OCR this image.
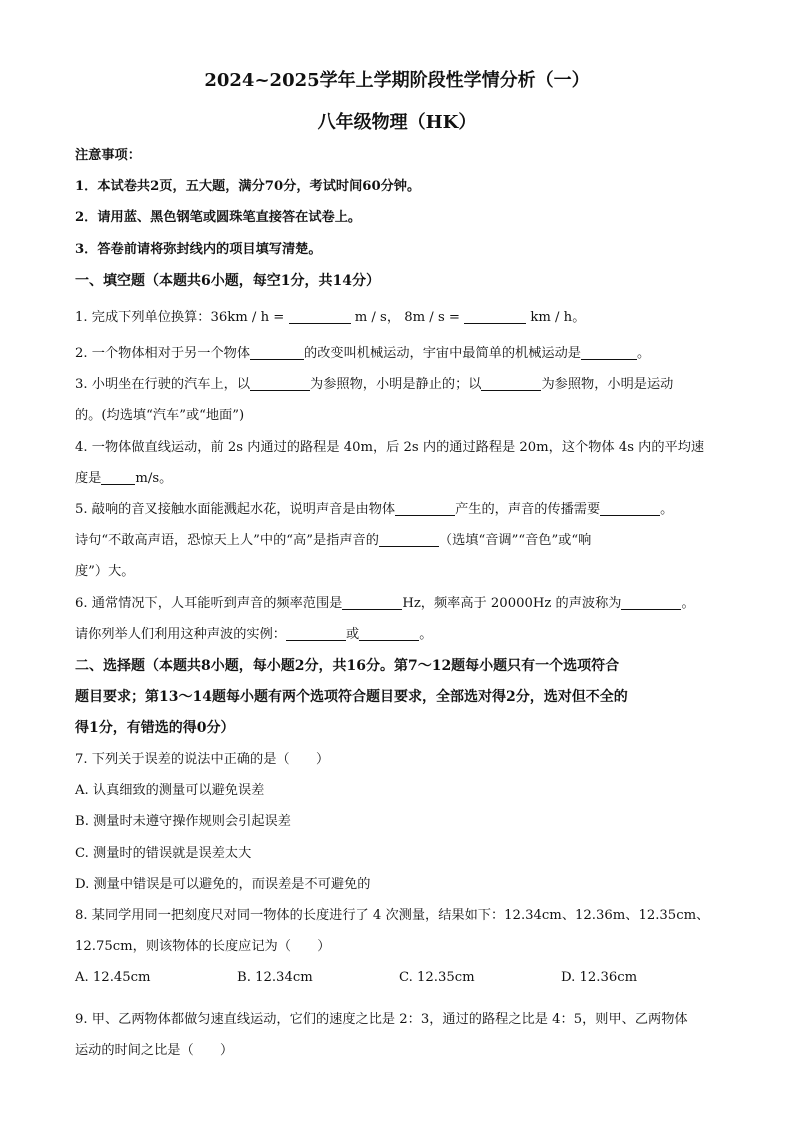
2024~2025学年上学期阶段性学情分析（一）
八年级物理（HK）
注意事项：
1．本试卷共2页，五大题，满分70分，考试时间60分钟。
2．请用蓝、黑色钢笔或圆珠笔直接答在试卷上。
3．答卷前请将弥封线内的项目填写清楚。
一、填空题（本题共6小题，每空1分，共14分）
1. 完成下列单位换算：36km / h =	m / s， 8m / s =	km / h。
2. 一个物体相对于另一个物体	的改变叫机械运动，宇宙中最简单的机械运动是	。
3. 小明坐在行驶的汽车上，以	为参照物，小明是静止的；以	为参照物，小明是运动
的。(均选填“汽车”或“地面”)
4. 一物体做直线运动，前 2s 内通过的路程是 40m，后 2s 内的通过路程是 20m，这个物体 4s 内的平均速
度是	m/s。
5. 敲响的音叉接触水面能溅起水花，说明声音是由物体	产生的，声音的传播需要	。
诗句“不敢高声语，恐惊天上人”中的“高”是指声音的	（选填“音调”“音色”或“响
度”）大。
6. 通常情况下，人耳能听到声音的频率范围是	Hz，频率高于 20000Hz 的声波称为	。
请你列举人们利用这种声波的实例：	或	。
二、选择题（本题共8小题，每小题2分，共16分。第7～12题每小题只有一个选项符合
题目要求；第13～14题每小题有两个选项符合题目要求，全部选对得2分，选对但不全的
得1分，有错选的得0分）
7. 下列关于误差的说法中正确的是（　　）
A. 认真细致的测量可以避免误差
B. 测量时未遵守操作规则会引起误差
C. 测量时的错误就是误差太大
D. 测量中错误是可以避免的，而误差是不可避免的
8. 某同学用同一把刻度尺对同一物体的长度进行了 4 次测量，结果如下：12.34cm、12.36m、12.35cm、
12.75cm，则该物体的长度应记为（　　）
A. 12.45cm	B. 12.34cm	C. 12.35cm	D. 12.36cm
9. 甲、乙两物体都做匀速直线运动，它们的速度之比是 2：3，通过的路程之比是 4：5，则甲、乙两物体
运动的时间之比是（　　）
